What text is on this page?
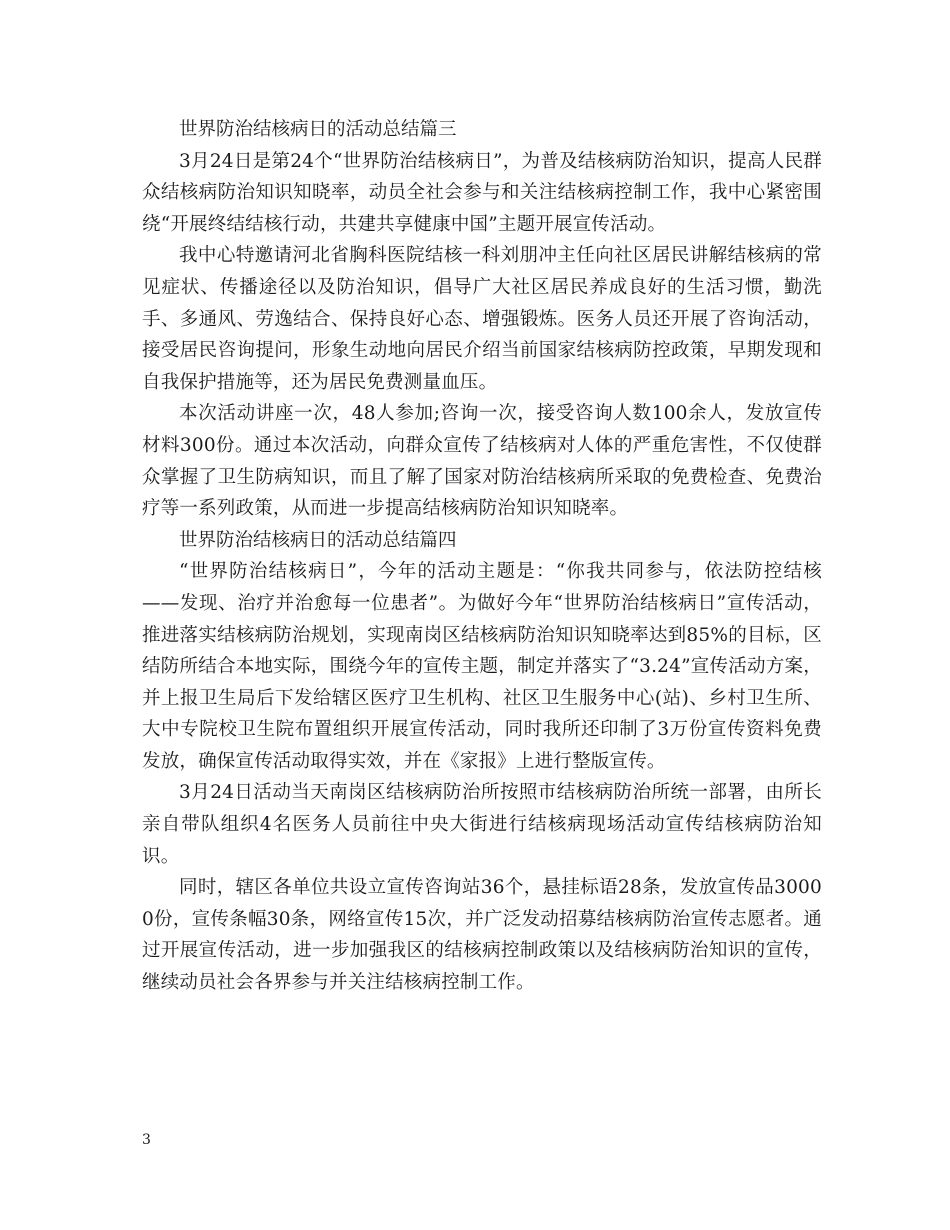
世界防治结核病日的活动总结篇三

3月24日是第24个“世界防治结核病日”，为普及结核病防治知识，提高人民群众结核病防治知识知晓率，动员全社会参与和关注结核病控制工作，我中心紧密围绕“开展终结结核行动，共建共享健康中国”主题开展宣传活动。

我中心特邀请河北省胸科医院结核一科刘朋冲主任向社区居民讲解结核病的常见症状、传播途径以及防治知识，倡导广大社区居民养成良好的生活习惯，勤洗手、多通风、劳逸结合、保持良好心态、增强锻炼。医务人员还开展了咨询活动，接受居民咨询提问，形象生动地向居民介绍当前国家结核病防控政策，早期发现和自我保护措施等，还为居民免费测量血压。

本次活动讲座一次，48人参加;咨询一次，接受咨询人数100余人，发放宣传材料300份。通过本次活动，向群众宣传了结核病对人体的严重危害性，不仅使群众掌握了卫生防病知识，而且了解了国家对防治结核病所采取的免费检查、免费治疗等一系列政策，从而进一步提高结核病防治知识知晓率。

世界防治结核病日的活动总结篇四

“世界防治结核病日”，今年的活动主题是：“你我共同参与，依法防控结核——发现、治疗并治愈每一位患者”。为做好今年“世界防治结核病日”宣传活动，推进落实结核病防治规划，实现南岗区结核病防治知识知晓率达到85%的目标，区结防所结合本地实际，围绕今年的宣传主题，制定并落实了“3.24”宣传活动方案，并上报卫生局后下发给辖区医疗卫生机构、社区卫生服务中心(站)、乡村卫生所、大中专院校卫生院布置组织开展宣传活动，同时我所还印制了3万份宣传资料免费发放，确保宣传活动取得实效，并在《家报》上进行整版宣传。

3月24日活动当天南岗区结核病防治所按照市结核病防治所统一部署，由所长亲自带队组织4名医务人员前往中央大街进行结核病现场活动宣传结核病防治知识。

同时，辖区各单位共设立宣传咨询站36个，悬挂标语28条，发放宣传品30000份，宣传条幅30条，网络宣传15次，并广泛发动招募结核病防治宣传志愿者。通过开展宣传活动，进一步加强我区的结核病控制政策以及结核病防治知识的宣传，继续动员社会各界参与并关注结核病控制工作。

3
